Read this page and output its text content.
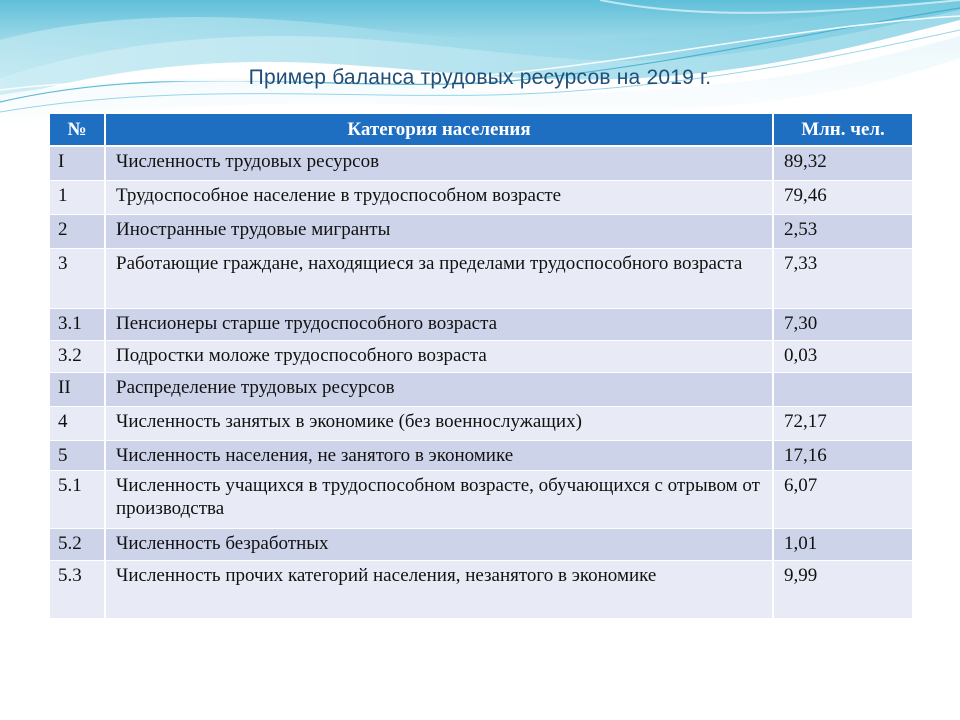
Пример баланса трудовых ресурсов на 2019 г.
№	Категория населения	Млн. чел.

I	Численность трудовых ресурсов	89,32

1	Трудоспособное население в трудоспособном возрасте	79,46

2	Иностранные трудовые мигранты	2,53

3	Работающие граждане, находящиеся за пределами трудоспособного возраста	7,33

3.1	Пенсионеры старше трудоспособного возраста	7,30

3.2	Подростки моложе трудоспособного возраста	0,03

II	Распределение трудовых ресурсов	

4	Численность занятых в экономике (без военнослужащих)	72,17

5	Численность населения, не занятого в экономике	17,16

5.1	Численность учащихся в трудоспособном возрасте, обучающихся с отрывом от производства	6,07

5.2	Численность безработных	1,01

5.3	Численность прочих категорий населения, незанятого в экономике	9,99
